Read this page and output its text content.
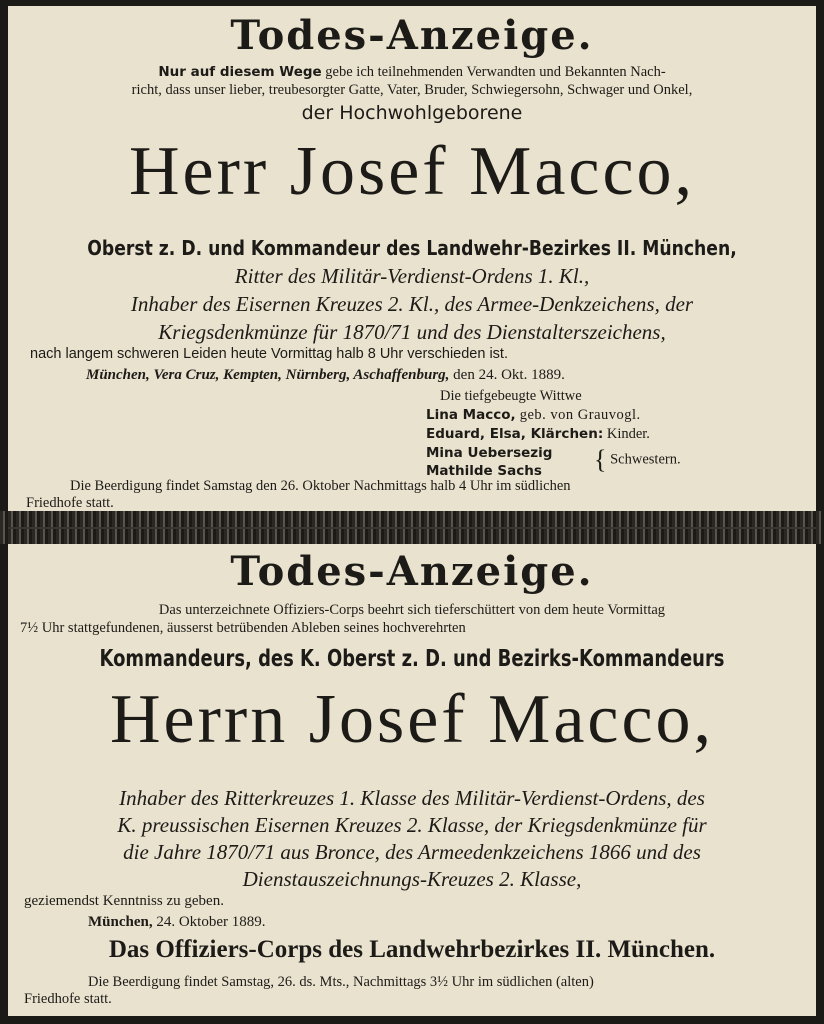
Todes-Anzeige.
Nur auf diesem Wege gebe ich teilnehmenden Verwandten und Bekannten Nach-
richt, dass unser lieber, treubesorgter Gatte, Vater, Bruder, Schwiegersohn, Schwager und Onkel,
der Hochwohlgeborene
Herr Josef Macco,
Oberst z. D. und Kommandeur des Landwehr-Bezirkes II. München,
Ritter des Militär-Verdienst-Ordens 1. Kl.,
Inhaber des Eisernen Kreuzes 2. Kl., des Armee-Denkzeichens, der
Kriegsdenkmünze für 1870/71 und des Dienstalterszeichens,
nach langem schweren Leiden heute Vormittag halb 8 Uhr verschieden ist.
München, Vera Cruz, Kempten, Nürnberg, Aschaffenburg, den 24. Okt. 1889.
Die tiefgebeugte Wittwe
Lina Macco, geb. von Grauvogl.
Eduard, Elsa, Klärchen: Kinder.
Mina Uebersezig
Mathilde Sachs	{ Schwestern.
Die Beerdigung findet Samstag den 26. Oktober Nachmittags halb 4 Uhr im südlichen
Friedhofe statt.
Todes-Anzeige.
Das unterzeichnete Offiziers-Corps beehrt sich tieferschüttert von dem heute Vormittag
7½ Uhr stattgefundenen, äusserst betrübenden Ableben seines hochverehrten
Kommandeurs, des K. Oberst z. D. und Bezirks-Kommandeurs
Herrn Josef Macco,
Inhaber des Ritterkreuzes 1. Klasse des Militär-Verdienst-Ordens, des
K. preussischen Eisernen Kreuzes 2. Klasse, der Kriegsdenkmünze für
die Jahre 1870/71 aus Bronce, des Armeedenkzeichens 1866 und des
Dienstauszeichnungs-Kreuzes 2. Klasse,
geziemendst Kenntniss zu geben.
München, 24. Oktober 1889.
Das Offiziers-Corps des Landwehrbezirkes II. München.
Die Beerdigung findet Samstag, 26. ds. Mts., Nachmittags 3½ Uhr im südlichen (alten)
Friedhofe statt.
